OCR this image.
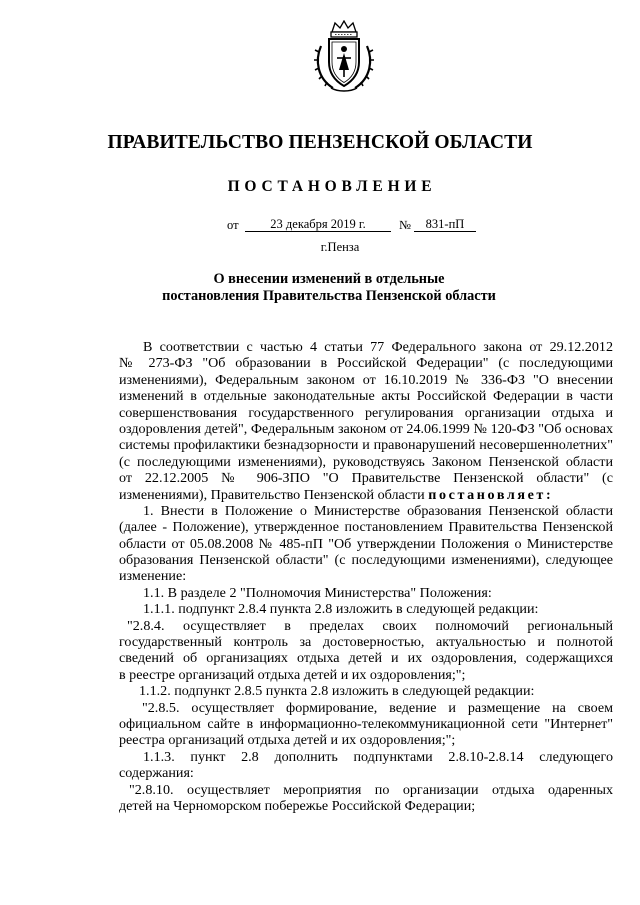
ПРАВИТЕЛЬСТВО ПЕНЗЕНСКОЙ ОБЛАСТИ
ПОСТАНОВЛЕНИЕ
от	23 декабря 2019 г.	№	831-пП
г.Пенза
О внесении изменений в отдельные
постановления Правительства Пензенской области
В соответствии с частью 4 статьи 77 Федерального закона от 29.12.2012
№ 273-ФЗ "Об образовании в Российской Федерации" (с последующими
изменениями), Федеральным законом от 16.10.2019 № 336-ФЗ "О внесении
изменений в отдельные законодательные акты Российской Федерации в части
совершенствования государственного регулирования организации отдыха и
оздоровления детей", Федеральным законом от 24.06.1999 № 120-ФЗ "Об основах
системы профилактики безнадзорности и правонарушений несовершеннолетних"
(с последующими изменениями), руководствуясь Законом Пензенской области
от 22.12.2005 № 906-ЗПО "О Правительстве Пензенской области" (с
изменениями), Правительство Пензенской области постановляет:
1. Внести в Положение о Министерстве образования Пензенской области
(далее - Положение), утвержденное постановлением Правительства Пензенской
области от 05.08.2008 № 485-пП "Об утверждении Положения о Министерстве
образования Пензенской области" (с последующими изменениями), следующее
изменение:
1.1. В разделе 2 "Полномочия Министерства" Положения:
1.1.1. подпункт 2.8.4 пункта 2.8 изложить в следующей редакции:
"2.8.4. осуществляет в пределах своих полномочий региональный
государственный контроль за достоверностью, актуальностью и полнотой
сведений об организациях отдыха детей и их оздоровления, содержащихся
в реестре организаций отдыха детей и их оздоровления;";
1.1.2. подпункт 2.8.5 пункта 2.8 изложить в следующей редакции:
"2.8.5. осуществляет формирование, ведение и размещение на своем
официальном сайте в информационно-телекоммуникационной сети "Интернет"
реестра организаций отдыха детей и их оздоровления;";
1.1.3. пункт 2.8 дополнить подпунктами 2.8.10-2.8.14 следующего
содержания:
"2.8.10. осуществляет мероприятия по организации отдыха одаренных
детей на Черноморском побережье Российской Федерации;
